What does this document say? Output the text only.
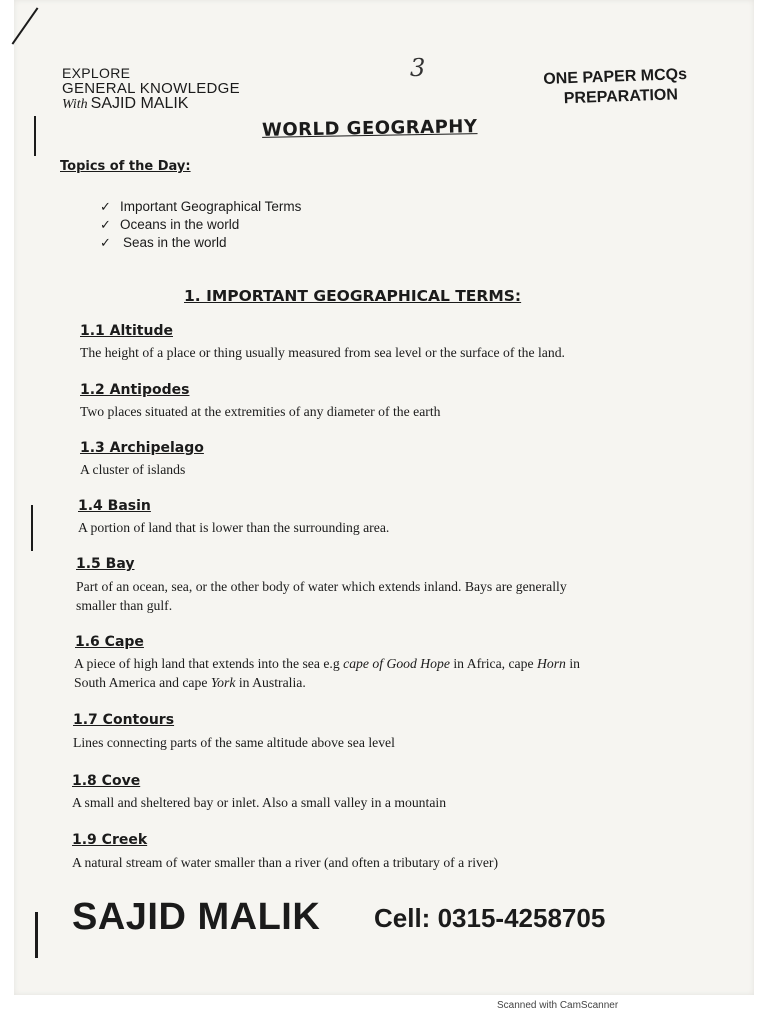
EXPLORE
GENERAL KNOWLEDGE
With SAJID MALIK
3	ONE PAPER MCQs
PREPARATION
WORLD GEOGRAPHY
Topics of the Day:
✓ Important Geographical Terms
✓ Oceans in the world
✓ Seas in the world
1. IMPORTANT GEOGRAPHICAL TERMS:
1.1 Altitude
The height of a place or thing usually measured from sea level or the surface of the land.
1.2 Antipodes
Two places situated at the extremities of any diameter of the earth
1.3 Archipelago
A cluster of islands
1.4 Basin
A portion of land that is lower than the surrounding area.
1.5 Bay
Part of an ocean, sea, or the other body of water which extends inland. Bays are generally
smaller than gulf.
1.6 Cape
A piece of high land that extends into the sea e.g cape of Good Hope in Africa, cape Horn in
South America and cape York in Australia.
1.7 Contours
Lines connecting parts of the same altitude above sea level
1.8 Cove
A small and sheltered bay or inlet. Also a small valley in a mountain
1.9 Creek
A natural stream of water smaller than a river (and often a tributary of a river)
SAJID MALIK Cell: 0315-4258705
Scanned with CamScanner
